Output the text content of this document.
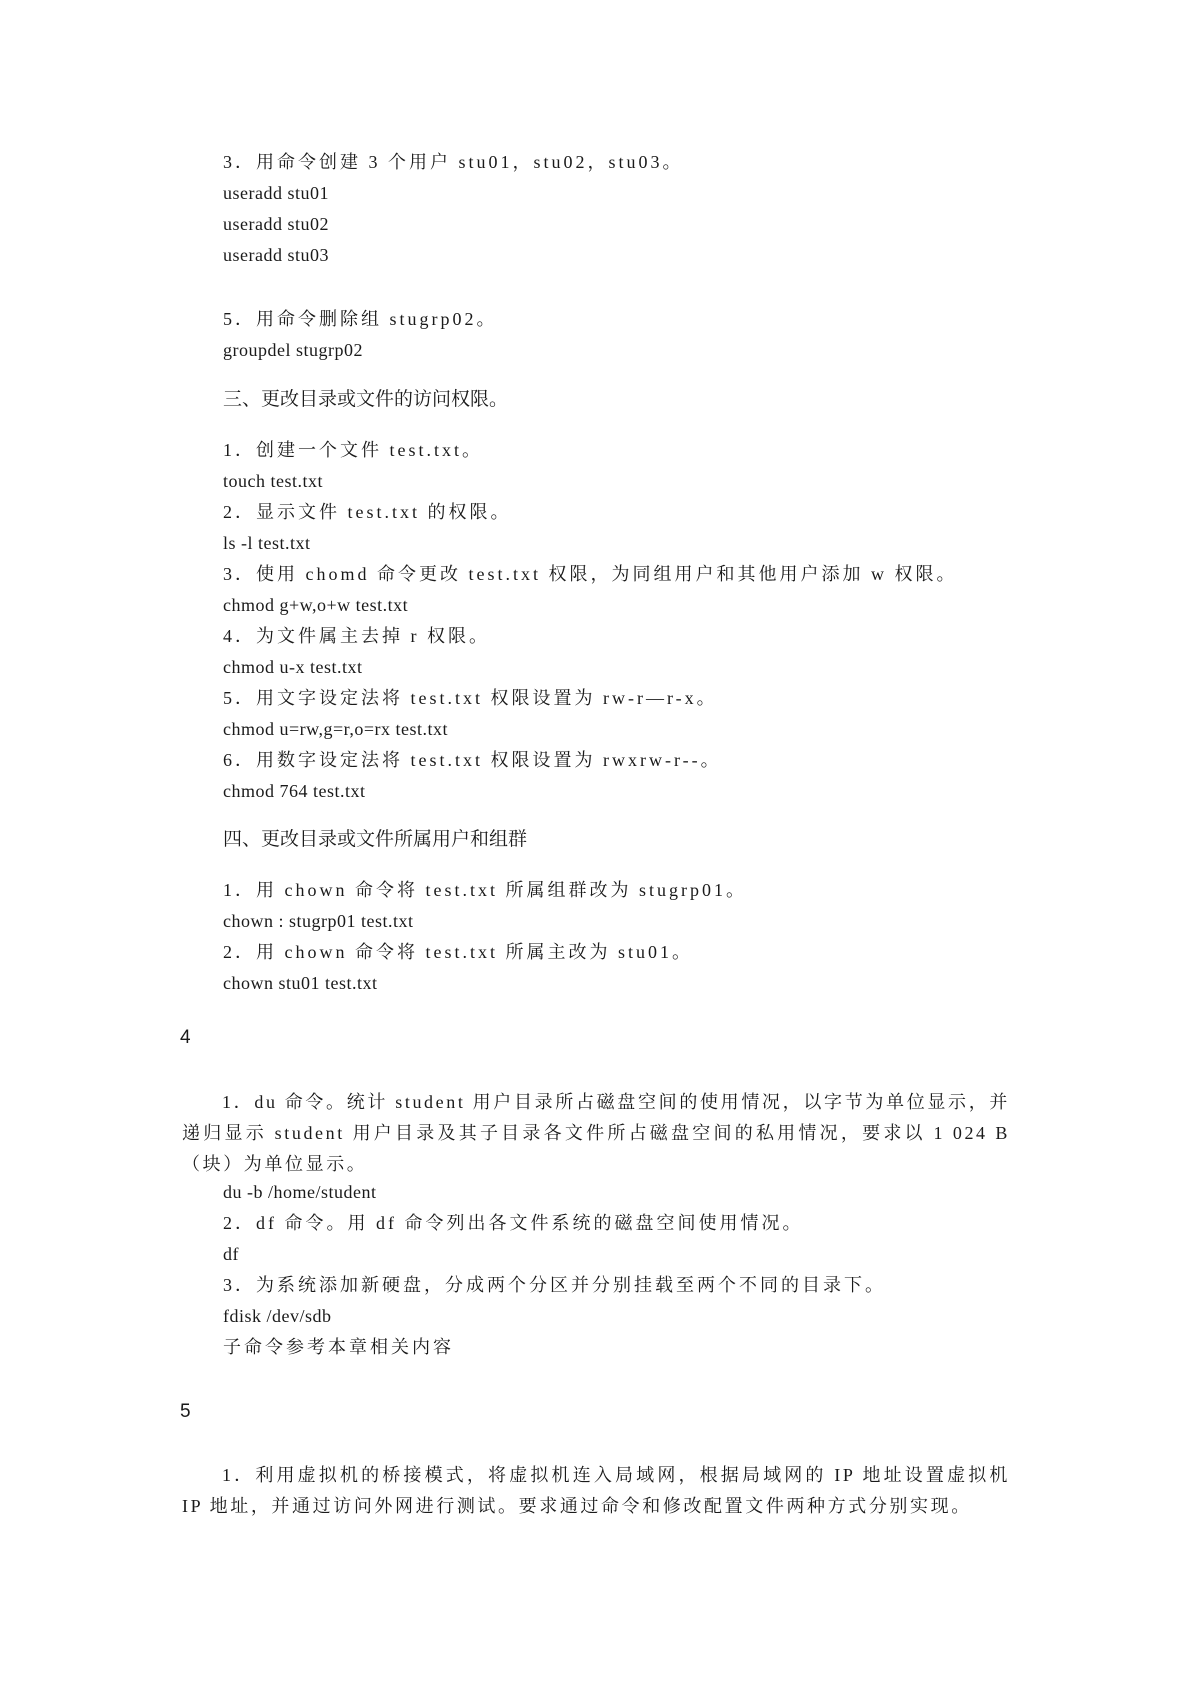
3．用命令创建 3 个用户 stu01，stu02，stu03。
useradd stu01
useradd stu02
useradd stu03
5．用命令删除组 stugrp02。
groupdel stugrp02
三、更改目录或文件的访问权限。
1．创建一个文件 test.txt。
touch test.txt
2．显示文件 test.txt 的权限。
ls -l test.txt
3．使用 chomd 命令更改 test.txt 权限，为同组用户和其他用户添加 w 权限。
chmod g+w,o+w test.txt
4．为文件属主去掉 r 权限。
chmod u-x test.txt
5．用文字设定法将 test.txt 权限设置为 rw-r—r-x。
chmod u=rw,g=r,o=rx test.txt
6．用数字设定法将 test.txt 权限设置为 rwxrw-r--。
chmod 764 test.txt
四、更改目录或文件所属用户和组群
1．用 chown 命令将 test.txt 所属组群改为 stugrp01。
chown : stugrp01 test.txt
2．用 chown 命令将 test.txt 所属主改为 stu01。
chown stu01 test.txt
4
1．du 命令。统计 student 用户目录所占磁盘空间的使用情况，以字节为单位显示，并递归显示 student 用户目录及其子目录各文件所占磁盘空间的私用情况，要求以 1 024 B（块）为单位显示。
du -b /home/student
2．df 命令。用 df 命令列出各文件系统的磁盘空间使用情况。
df
3．为系统添加新硬盘，分成两个分区并分别挂载至两个不同的目录下。
fdisk /dev/sdb
子命令参考本章相关内容
5
1．利用虚拟机的桥接模式，将虚拟机连入局域网，根据局域网的 IP 地址设置虚拟机 IP 地址，并通过访问外网进行测试。要求通过命令和修改配置文件两种方式分别实现。
